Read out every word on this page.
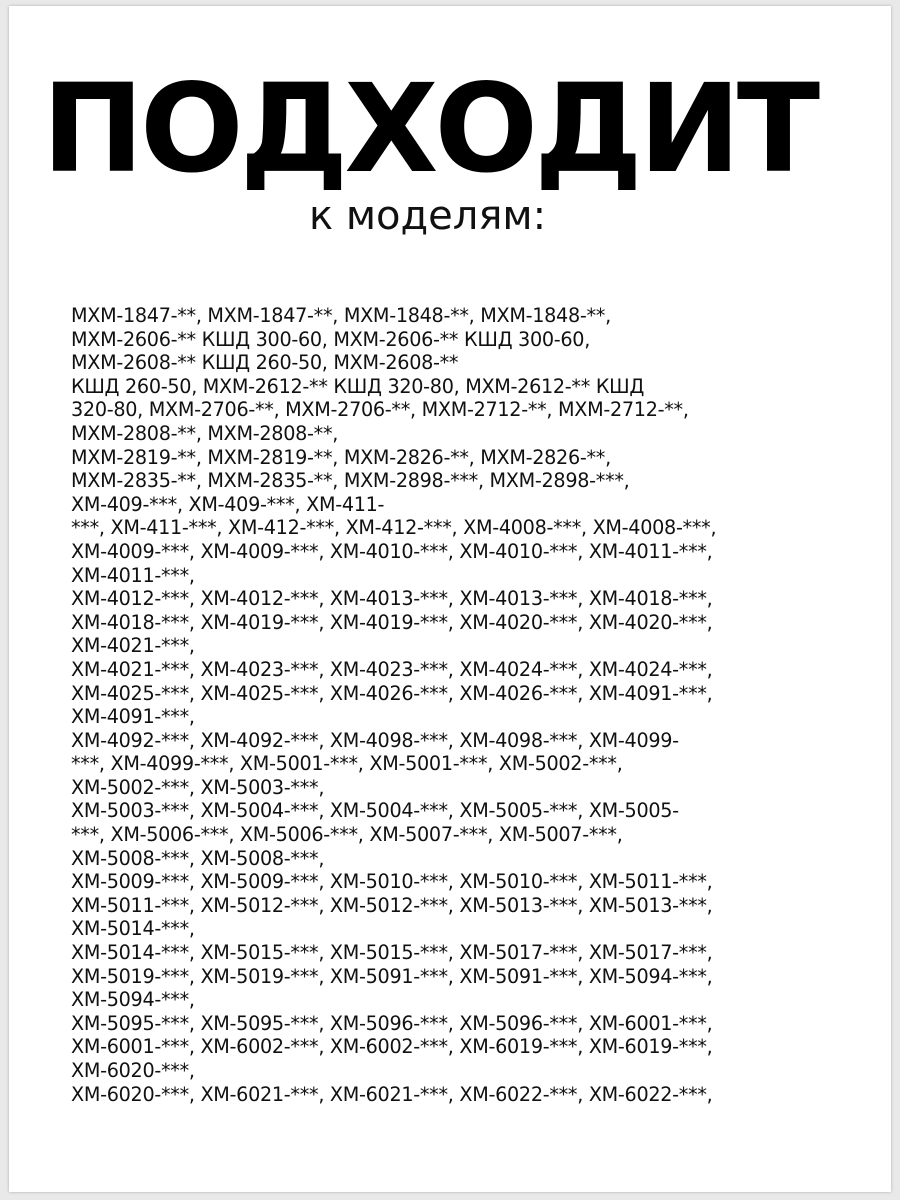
ПОДХОДИТ
к моделям:
МХМ-1847-**, МХМ-1847-**, МХМ-1848-**, МХМ-1848-**,
МХМ-2606-** КШД 300-60, МХМ-2606-** КШД 300-60,
МХМ-2608-** КШД 260-50, МХМ-2608-**
КШД 260-50, МХМ-2612-** КШД 320-80, МХМ-2612-** КШД
320-80, МХМ-2706-**, МХМ-2706-**, МХМ-2712-**, МХМ-2712-**,
МХМ-2808-**, МХМ-2808-**,
МХМ-2819-**, МХМ-2819-**, МХМ-2826-**, МХМ-2826-**,
МХМ-2835-**, МХМ-2835-**, МХМ-2898-***, МХМ-2898-***,
ХМ-409-***, ХМ-409-***, ХМ-411-
***, ХМ-411-***, ХМ-412-***, ХМ-412-***, ХМ-4008-***, ХМ-4008-***,
ХМ-4009-***, ХМ-4009-***, ХМ-4010-***, ХМ-4010-***, ХМ-4011-***,
ХМ-4011-***,
ХМ-4012-***, ХМ-4012-***, ХМ-4013-***, ХМ-4013-***, ХМ-4018-***,
ХМ-4018-***, ХМ-4019-***, ХМ-4019-***, ХМ-4020-***, ХМ-4020-***,
ХМ-4021-***,
ХМ-4021-***, ХМ-4023-***, ХМ-4023-***, ХМ-4024-***, ХМ-4024-***,
ХМ-4025-***, ХМ-4025-***, ХМ-4026-***, ХМ-4026-***, ХМ-4091-***,
ХМ-4091-***,
ХМ-4092-***, ХМ-4092-***, ХМ-4098-***, ХМ-4098-***, ХМ-4099-
***, ХМ-4099-***, ХМ-5001-***, ХМ-5001-***, ХМ-5002-***,
ХМ-5002-***, ХМ-5003-***,
ХМ-5003-***, ХМ-5004-***, ХМ-5004-***, ХМ-5005-***, ХМ-5005-
***, ХМ-5006-***, ХМ-5006-***, ХМ-5007-***, ХМ-5007-***,
ХМ-5008-***, ХМ-5008-***,
ХМ-5009-***, ХМ-5009-***, ХМ-5010-***, ХМ-5010-***, ХМ-5011-***,
ХМ-5011-***, ХМ-5012-***, ХМ-5012-***, ХМ-5013-***, ХМ-5013-***,
ХМ-5014-***,
ХМ-5014-***, ХМ-5015-***, ХМ-5015-***, ХМ-5017-***, ХМ-5017-***,
ХМ-5019-***, ХМ-5019-***, ХМ-5091-***, ХМ-5091-***, ХМ-5094-***,
ХМ-5094-***,
ХМ-5095-***, ХМ-5095-***, ХМ-5096-***, ХМ-5096-***, ХМ-6001-***,
ХМ-6001-***, ХМ-6002-***, ХМ-6002-***, ХМ-6019-***, ХМ-6019-***,
ХМ-6020-***,
ХМ-6020-***, ХМ-6021-***, ХМ-6021-***, ХМ-6022-***, ХМ-6022-***,
